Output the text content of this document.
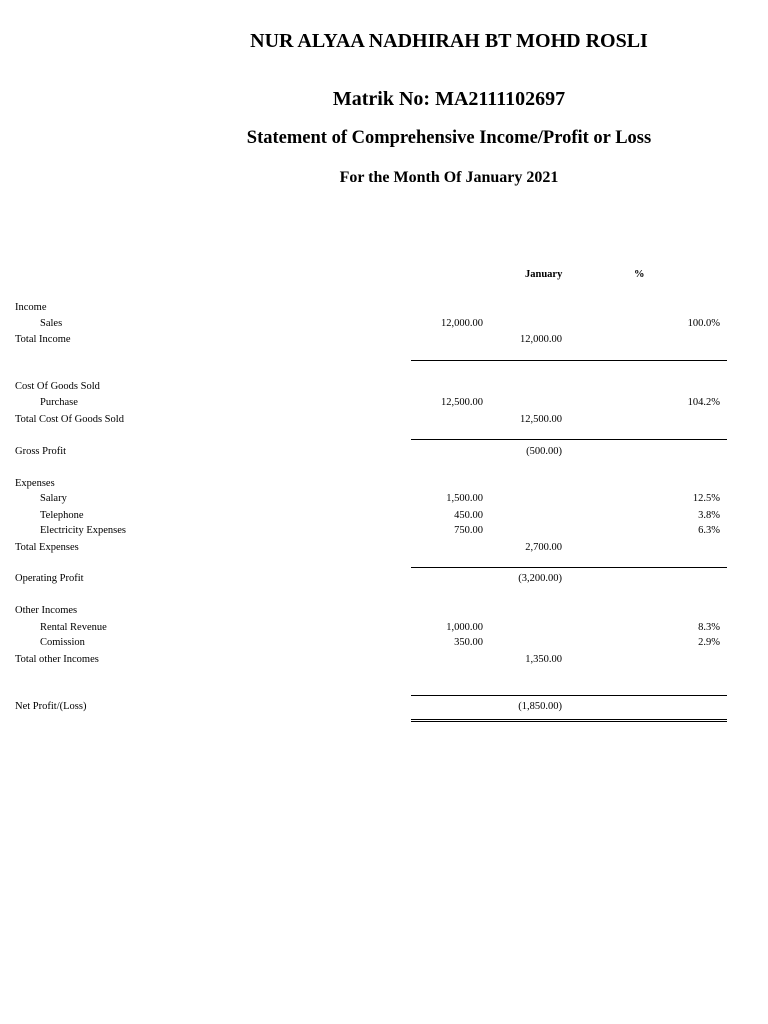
NUR ALYAA NADHIRAH BT MOHD ROSLI
Matrik No: MA2111102697
Statement of Comprehensive Income/Profit or Loss
For the Month Of January 2021
January	%
Income
Sales	12,000.00	100.0%
Total Income	12,000.00
Cost Of Goods Sold
Purchase	12,500.00	104.2%
Total Cost Of Goods Sold	12,500.00
Gross Profit	(500.00)
Expenses
Salary	1,500.00	12.5%
Telephone	450.00	3.8%
Electricity Expenses	750.00	6.3%
Total Expenses	2,700.00
Operating Profit	(3,200.00)
Other Incomes
Rental Revenue	1,000.00	8.3%
Comission	350.00	2.9%
Total other Incomes	1,350.00
Net Profit/(Loss)	(1,850.00)
